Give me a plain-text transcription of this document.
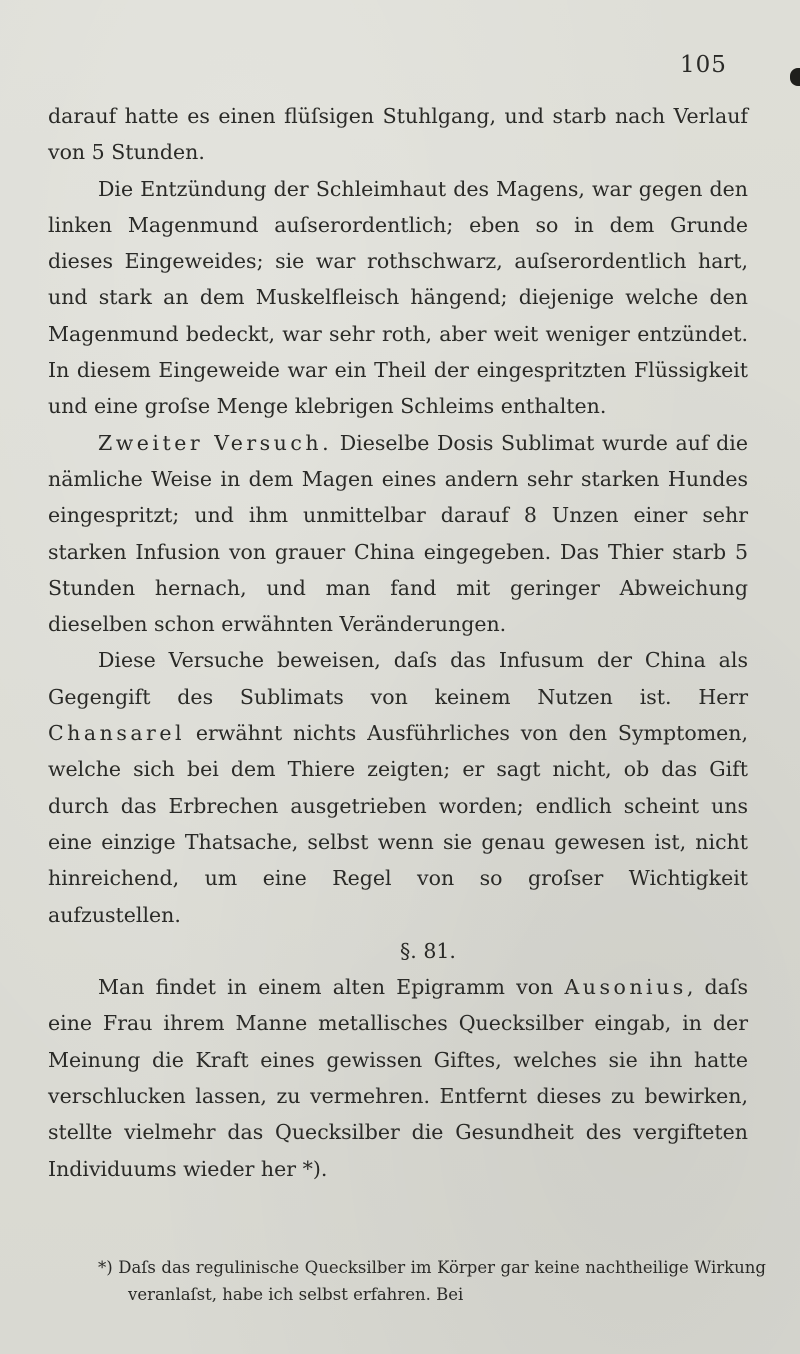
105

darauf hatte es einen flüſsigen Stuhlgang, und starb nach Verlauf von 5 Stunden.

Die Entzündung der Schleimhaut des Magens, war gegen den linken Magenmund auſserordentlich; eben so in dem Grunde dieses Eingeweides; sie war rothschwarz, auſserordentlich hart, und stark an dem Muskelfleisch hängend; diejenige welche den Magenmund bedeckt, war sehr roth, aber weit weniger entzündet. In diesem Eingeweide war ein Theil der eingespritzten Flüssigkeit und eine groſse Menge klebrigen Schleims enthalten.

Zweiter Versuch. Dieselbe Dosis Sublimat wurde auf die nämliche Weise in dem Magen eines andern sehr starken Hundes eingespritzt; und ihm unmittelbar darauf 8 Unzen einer sehr starken Infusion von grauer China eingegeben. Das Thier starb 5 Stunden hernach, und man fand mit geringer Abweichung dieselben schon erwähnten Veränderungen.

Diese Versuche beweisen, daſs das Infusum der China als Gegengift des Sublimats von keinem Nutzen ist. Herr Chansarel erwähnt nichts Ausführliches von den Symptomen, welche sich bei dem Thiere zeigten; er sagt nicht, ob das Gift durch das Erbrechen ausgetrieben worden; endlich scheint uns eine einzige Thatsache, selbst wenn sie genau gewesen ist, nicht hinreichend, um eine Regel von so groſser Wichtigkeit aufzustellen.

§. 81.

Man findet in einem alten Epigramm von Ausonius, daſs eine Frau ihrem Manne metallisches Quecksilber eingab, in der Meinung die Kraft eines gewissen Giftes, welches sie ihn hatte verschlucken lassen, zu vermehren. Entfernt dieses zu bewirken, stellte vielmehr das Quecksilber die Gesundheit des vergifteten Individuums wieder her *).

*) Daſs das regulinische Quecksilber im Körper gar keine nachtheilige Wirkung veranlaſst, habe ich selbst erfahren. Bei
